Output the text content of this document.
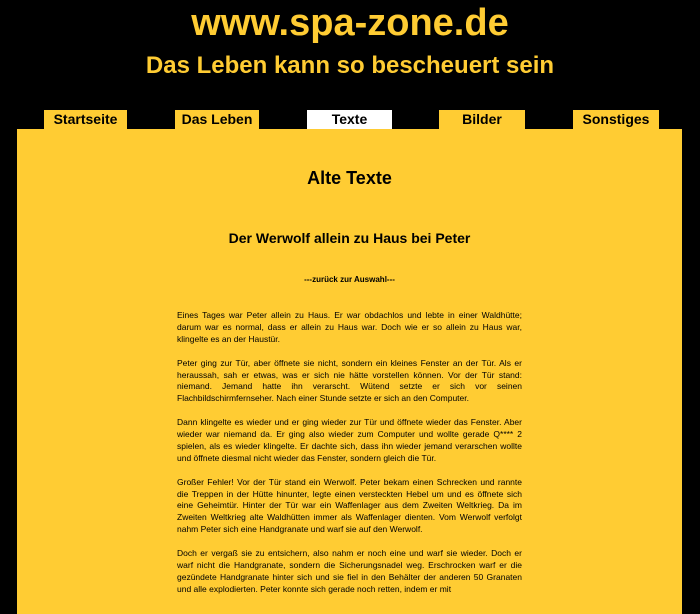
www.spa-zone.de
Das Leben kann so bescheuert sein
Startseite	Das Leben	Texte	Bilder	Sonstiges
Alte Texte
Der Werwolf allein zu Haus bei Peter
---zurück zur Auswahl---

Eines Tages war Peter allein zu Haus. Er war obdachlos und lebte in einer Waldhütte; darum war es normal, dass er allein zu Haus war. Doch wie er so allein zu Haus war, klingelte es an der Haustür.

Peter ging zur Tür, aber öffnete sie nicht, sondern ein kleines Fenster an der Tür. Als er heraussah, sah er etwas, was er sich nie hätte vorstellen können. Vor der Tür stand: niemand. Jemand hatte ihn verarscht. Wütend setzte er sich vor seinen Flachbildschirmfernseher. Nach einer Stunde setzte er sich an den Computer.

Dann klingelte es wieder und er ging wieder zur Tür und öffnete wieder das Fenster. Aber wieder war niemand da. Er ging also wieder zum Computer und wollte gerade Q**** 2 spielen, als es wieder klingelte. Er dachte sich, dass ihn wieder jemand verarschen wollte und öffnete diesmal nicht wieder das Fenster, sondern gleich die Tür.

Großer Fehler! Vor der Tür stand ein Werwolf. Peter bekam einen Schrecken und rannte die Treppen in der Hütte hinunter, legte einen versteckten Hebel um und es öffnete sich eine Geheimtür. Hinter der Tür war ein Waffenlager aus dem Zweiten Weltkrieg. Da im Zweiten Weltkrieg alte Waldhütten immer als Waffenlager dienten. Vom Werwolf verfolgt nahm Peter sich eine Handgranate und warf sie auf den Werwolf.

Doch er vergaß sie zu entsichern, also nahm er noch eine und warf sie wieder. Doch er warf nicht die Handgranate, sondern die Sicherungsnadel weg. Erschrocken warf er die gezündete Handgranate hinter sich und sie fiel in den Behälter der anderen 50 Granaten und alle explodierten. Peter konnte sich gerade noch retten, indem er mit
